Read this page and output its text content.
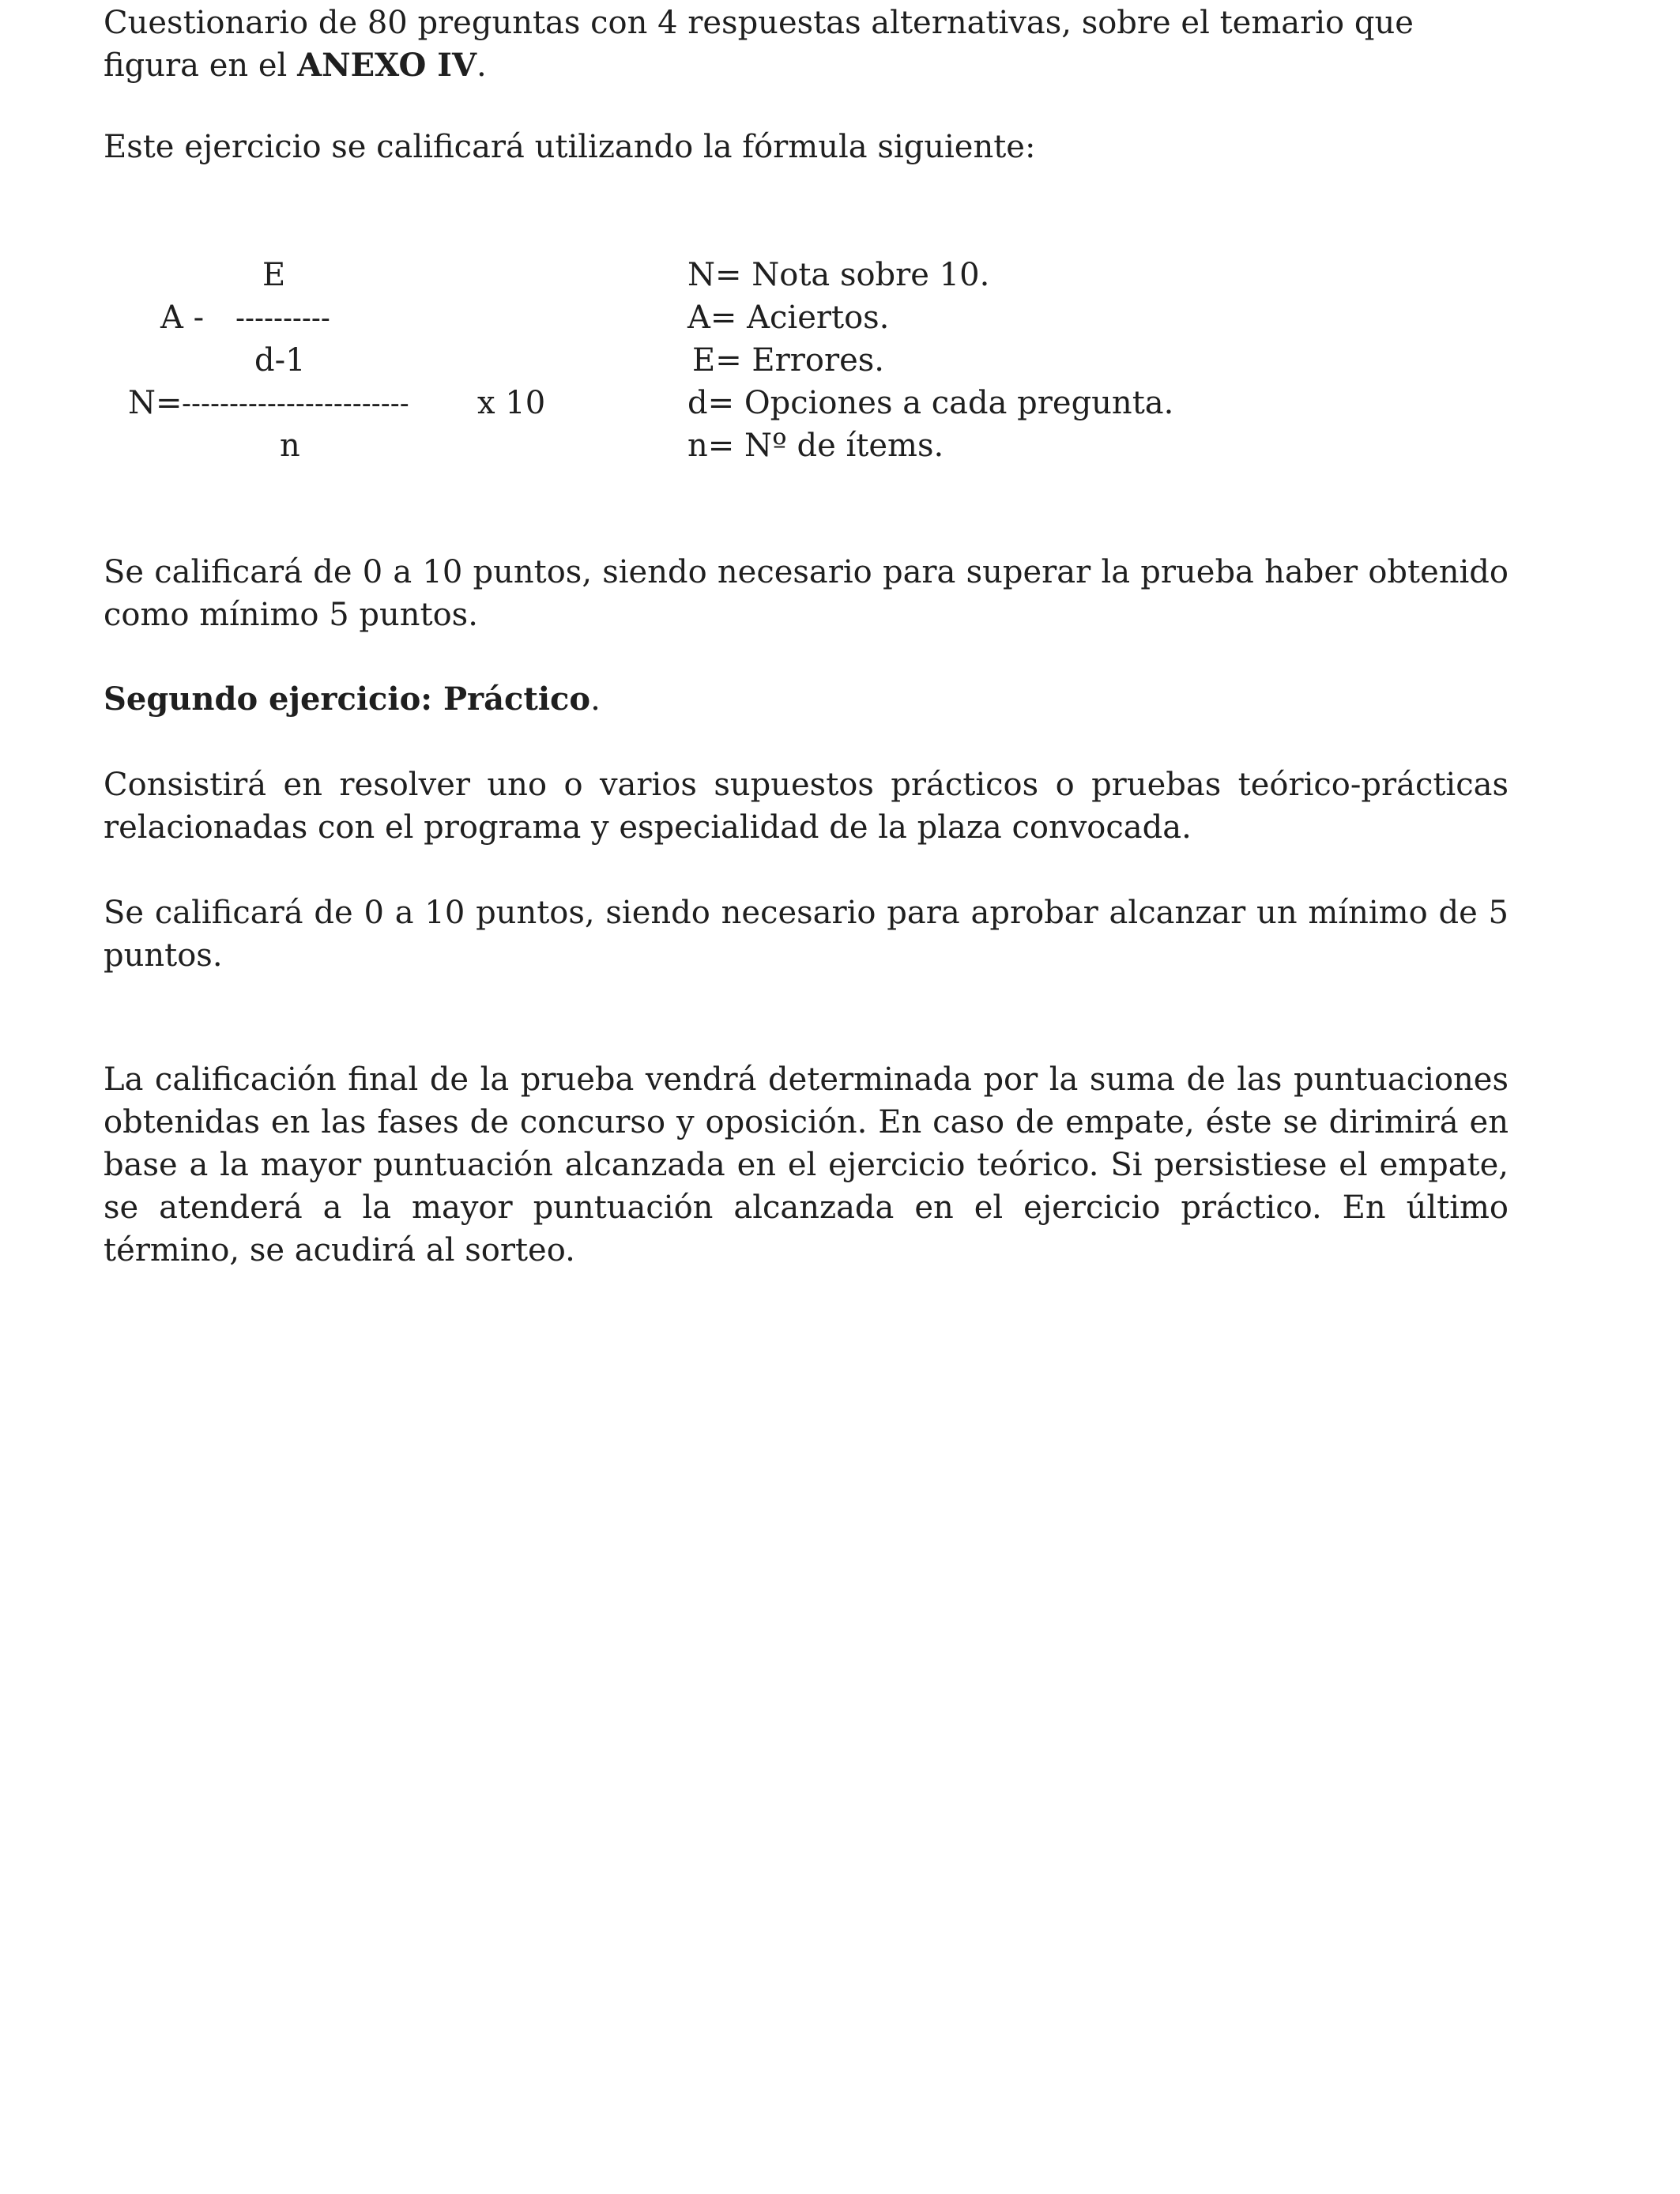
Cuestionario de 80 preguntas con 4 respuestas alternativas, sobre el temario que figura en el ANEXO IV.

Este ejercicio se calificará utilizando la fórmula siguiente:

E
A - ----------
d-1
N= ------------------------ x 10
n
N= Nota sobre 10.
A= Aciertos.
E= Errores.
d= Opciones a cada pregunta.
n= Nº de ítems.

Se calificará de 0 a 10 puntos, siendo necesario para superar la prueba haber obtenido como mínimo 5 puntos.

Segundo ejercicio: Práctico.

Consistirá en resolver uno o varios supuestos prácticos o pruebas teórico-prácticas relacionadas con el programa y especialidad de la plaza convocada.

Se calificará de 0 a 10 puntos, siendo necesario para aprobar alcanzar un mínimo de 5 puntos.

La calificación final de la prueba vendrá determinada por la suma de las puntuaciones obtenidas en las fases de concurso y oposición. En caso de empate, éste se dirimirá en base a la mayor puntuación alcanzada en el ejercicio teórico. Si persistiese el empate, se atenderá a la mayor puntuación alcanzada en el ejercicio práctico. En último término, se acudirá al sorteo.
